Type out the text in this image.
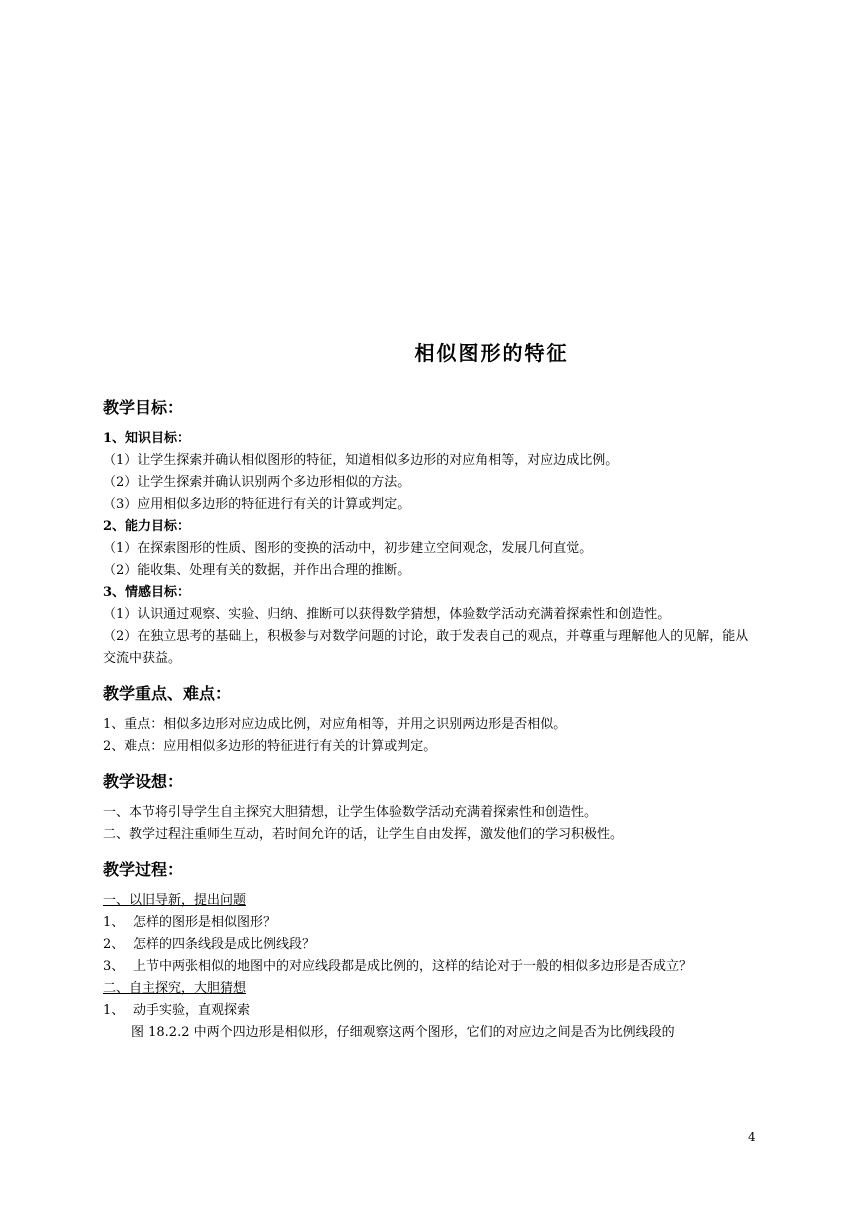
相似图形的特征
教学目标：

1、知识目标：

（1）让学生探索并确认相似图形的特征，知道相似多边形的对应角相等，对应边成比例。

（2）让学生探索并确认识别两个多边形相似的方法。

（3）应用相似多边形的特征进行有关的计算或判定。

2、能力目标：

（1）在探索图形的性质、图形的变换的活动中，初步建立空间观念，发展几何直觉。

（2）能收集、处理有关的数据，并作出合理的推断。

3、情感目标：

（1）认识通过观察、实验、归纳、推断可以获得数学猜想，体验数学活动充满着探索性和创造性。

（2）在独立思考的基础上，积极参与对数学问题的讨论，敢于发表自己的观点，并尊重与理解他人的见解，能从交流中获益。

教学重点、难点：

1、重点：相似多边形对应边成比例，对应角相等，并用之识别两边形是否相似。

2、难点：应用相似多边形的特征进行有关的计算或判定。

教学设想：

一、本节将引导学生自主探究大胆猜想，让学生体验数学活动充满着探索性和创造性。

二、教学过程注重师生互动，若时间允许的话，让学生自由发挥，激发他们的学习积极性。

教学过程：

一、以旧导新，提出问题

1、 怎样的图形是相似图形？
2、 怎样的四条线段是成比例线段？
3、 上节中两张相似的地图中的对应线段都是成比例的，这样的结论对于一般的相似多边形是否成立？

二、自主探究，大胆猜想

1、 动手实验，直观探索

图 18.2.2 中两个四边形是相似形，仔细观察这两个图形，它们的对应边之间是否为比例线段的

4
